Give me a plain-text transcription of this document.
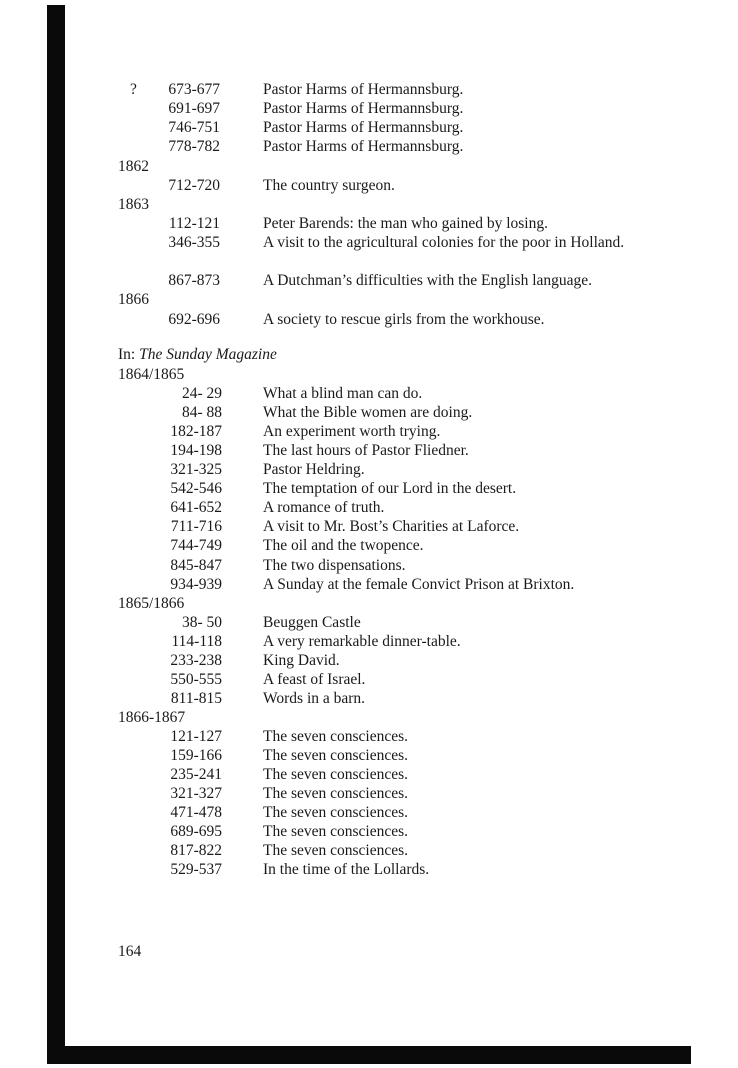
?	673-677	Pastor Harms of Hermannsburg.
691-697	Pastor Harms of Hermannsburg.
746-751	Pastor Harms of Hermannsburg.
778-782	Pastor Harms of Hermannsburg.
1862
712-720	The country surgeon.
1863
112-121	Peter Barends: the man who gained by losing.
346-355	A visit to the agricultural colonies for the poor in Holland.
867-873	A Dutchman’s difficulties with the English language.
1866
692-696	A society to rescue girls from the workhouse.
In: The Sunday Magazine
1864/1865
24- 29	What a blind man can do.
84- 88	What the Bible women are doing.
182-187	An experiment worth trying.
194-198	The last hours of Pastor Fliedner.
321-325	Pastor Heldring.
542-546	The temptation of our Lord in the desert.
641-652	A romance of truth.
711-716	A visit to Mr. Bost’s Charities at Laforce.
744-749	The oil and the twopence.
845-847	The two dispensations.
934-939	A Sunday at the female Convict Prison at Brixton.
1865/1866
38- 50	Beuggen Castle
114-118	A very remarkable dinner-table.
233-238	King David.
550-555	A feast of Israel.
811-815	Words in a barn.
1866-1867
121-127	The seven consciences.
159-166	The seven consciences.
235-241	The seven consciences.
321-327	The seven consciences.
471-478	The seven consciences.
689-695	The seven consciences.
817-822	The seven consciences.
529-537	In the time of the Lollards.
164
